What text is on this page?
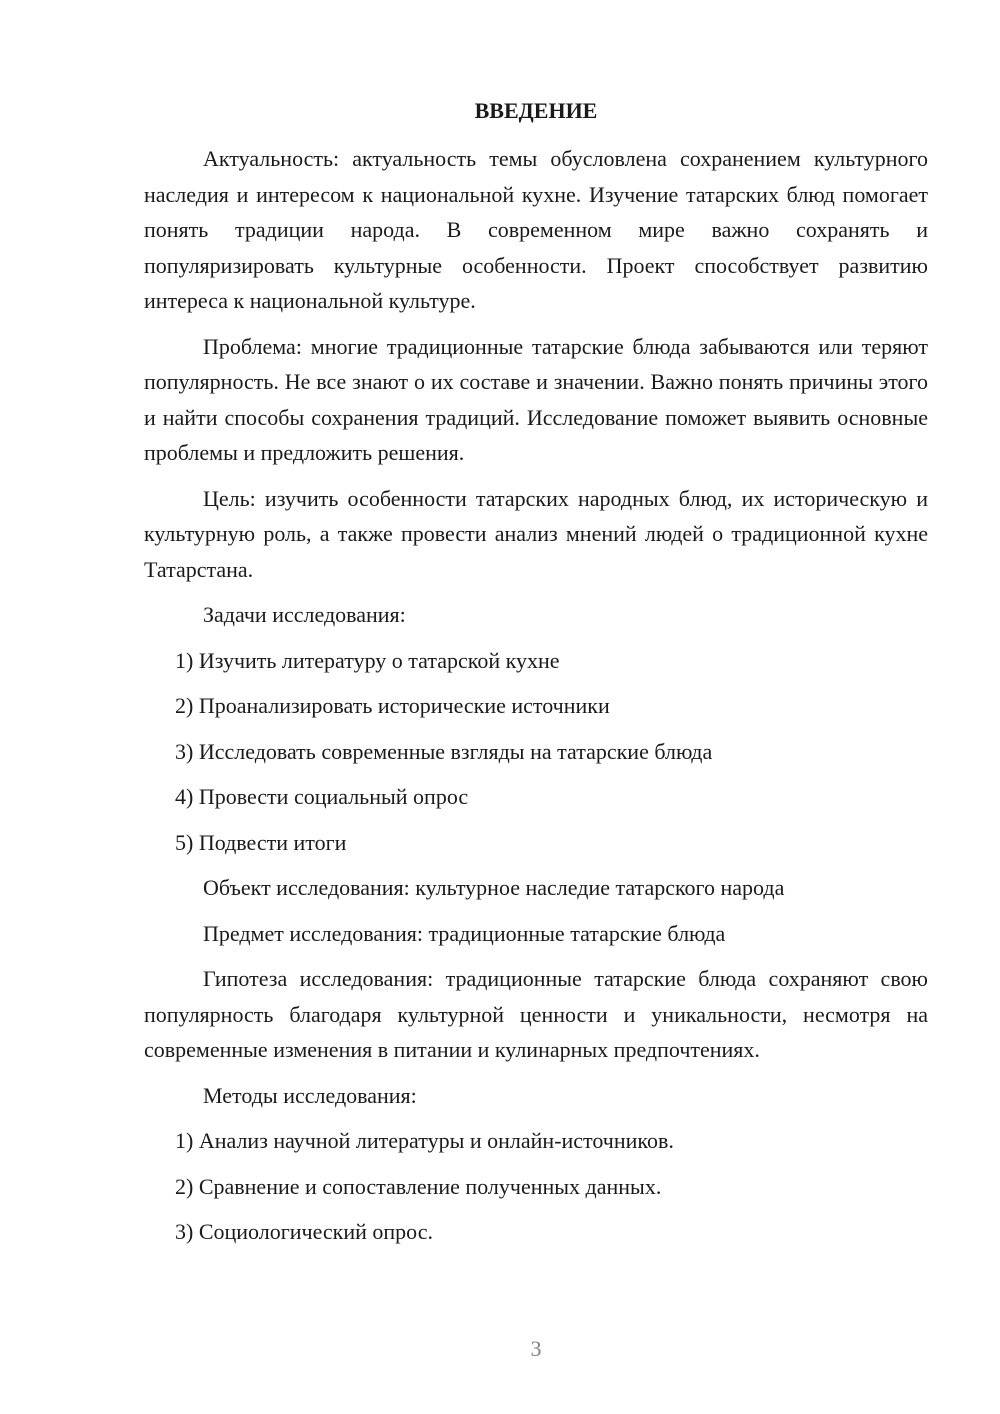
ВВЕДЕНИЕ

Актуальность: актуальность темы обусловлена сохранением культурного наследия и интересом к национальной кухне. Изучение татарских блюд помогает понять традиции народа. В современном мире важно сохранять и популяризировать культурные особенности. Проект способствует развитию интереса к национальной культуре.

Проблема: многие традиционные татарские блюда забываются или теряют популярность. Не все знают о их составе и значении. Важно понять причины этого и найти способы сохранения традиций. Исследование поможет выявить основные проблемы и предложить решения.

Цель: изучить особенности татарских народных блюд, их историческую и культурную роль, а также провести анализ мнений людей о традиционной кухне Татарстана.

Задачи исследования:

1) Изучить литературу о татарской кухне

2) Проанализировать исторические источники

3) Исследовать современные взгляды на татарские блюда

4) Провести социальный опрос

5) Подвести итоги

Объект исследования: культурное наследие татарского народа

Предмет исследования: традиционные татарские блюда

Гипотеза исследования: традиционные татарские блюда сохраняют свою популярность благодаря культурной ценности и уникальности, несмотря на современные изменения в питании и кулинарных предпочтениях.

Методы исследования:

1) Анализ научной литературы и онлайн-источников.

2) Сравнение и сопоставление полученных данных.

3) Социологический опрос.

3
